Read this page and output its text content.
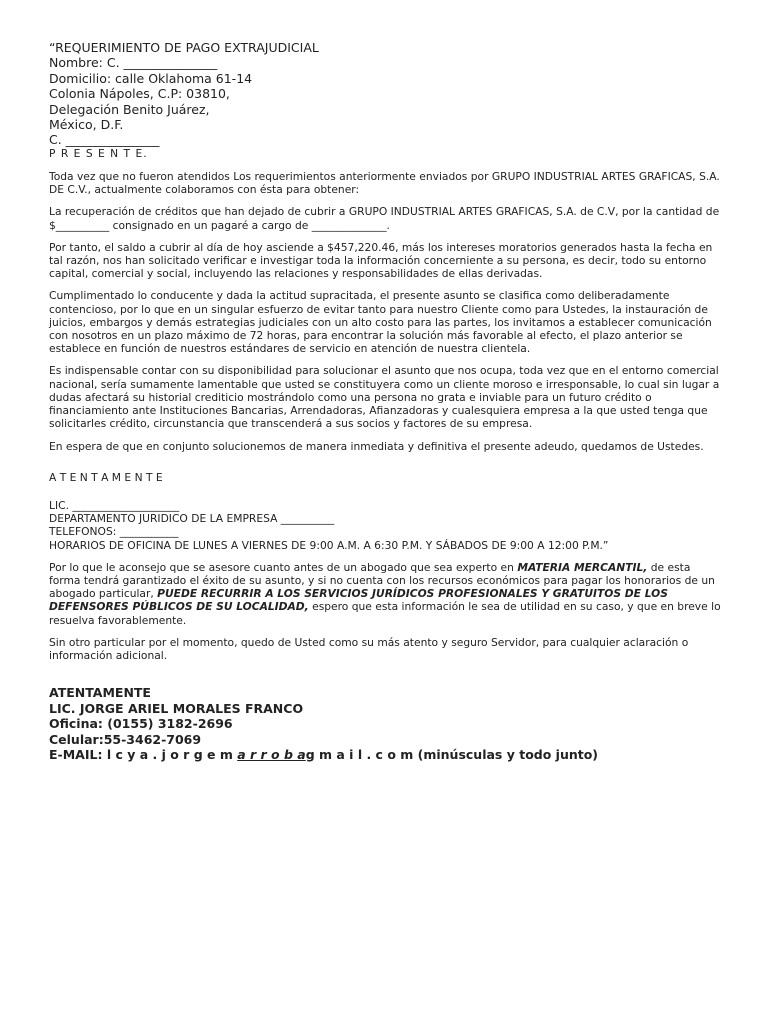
“REQUERIMIENTO DE PAGO EXTRAJUDICIAL

Nombre: C. _______________

Domicilio: calle Oklahoma 61-14

Colonia Nápoles, C.P: 03810,

Delegación Benito Juárez,

México, D.F.

C. _______________

P R E S E N T E.

Toda vez que no fueron atendidos Los requerimientos anteriormente enviados por GRUPO INDUSTRIAL ARTES GRAFICAS, S.A. DE C.V., actualmente colaboramos con ésta para obtener:

La recuperación de créditos que han dejado de cubrir a GRUPO INDUSTRIAL ARTES GRAFICAS, S.A. de C.V, por la cantidad de $__________ consignado en un pagaré a cargo de ______________.

Por tanto, el saldo a cubrir al día de hoy asciende a $457,220.46, más los intereses moratorios generados hasta la fecha en tal razón, nos han solicitado verificar e investigar toda la información concerniente a su persona, es decir, todo su entorno capital, comercial y social, incluyendo las relaciones y responsabilidades de ellas derivadas.

Cumplimentado lo conducente y dada la actitud supracitada, el presente asunto se clasifica como deliberadamente contencioso, por lo que en un singular esfuerzo de evitar tanto para nuestro Cliente como para Ustedes, la instauración de juicios, embargos y demás estrategias judiciales con un alto costo para las partes, los invitamos a establecer comunicación con nosotros en un plazo máximo de 72 horas, para encontrar la solución más favorable al efecto, el plazo anterior se establece en función de nuestros estándares de servicio en atención de nuestra clientela.

Es indispensable contar con su disponibilidad para solucionar el asunto que nos ocupa, toda vez que en el entorno comercial nacional, sería sumamente lamentable que usted se constituyera como un cliente moroso e irresponsable, lo cual sin lugar a dudas afectará su historial crediticio mostrándolo como una persona no grata e inviable para un futuro crédito o financiamiento ante Instituciones Bancarias, Arrendadoras, Afianzadoras y cualesquiera empresa a la que usted tenga que solicitarles crédito, circunstancia que transcenderá a sus socios y factores de su empresa.

En espera de que en conjunto solucionemos de manera inmediata y definitiva el presente adeudo, quedamos de Ustedes.

A T E N T A M E N T E

LIC. ____________________

DEPARTAMENTO JURIDICO DE LA EMPRESA __________

TELEFONOS: ___________

HORARIOS DE OFICINA DE LUNES A VIERNES DE 9:00 A.M. A 6:30 P.M. Y SÁBADOS DE 9:00 A 12:00 P.M.”

Por lo que le aconsejo que se asesore cuanto antes de un abogado que sea experto en MATERIA MERCANTIL, de esta forma tendrá garantizado el éxito de su asunto, y si no cuenta con los recursos económicos para pagar los honorarios de un abogado particular, PUEDE RECURRIR A LOS SERVICIOS JURÍDICOS PROFESIONALES Y GRATUITOS DE LOS DEFENSORES PÚBLICOS DE SU LOCALIDAD, espero que esta información le sea de utilidad en su caso, y que en breve lo resuelva favorablemente.

Sin otro particular por el momento, quedo de Usted como su más atento y seguro Servidor, para cualquier aclaración o información adicional.

ATENTAMENTE

LIC. JORGE ARIEL MORALES FRANCO

Oficina: (0155) 3182-2696

Celular:55-3462-7069

E-MAIL: l c y a . j o r g e m a r r o b ag m a i l . c o m (minúsculas y todo junto)
